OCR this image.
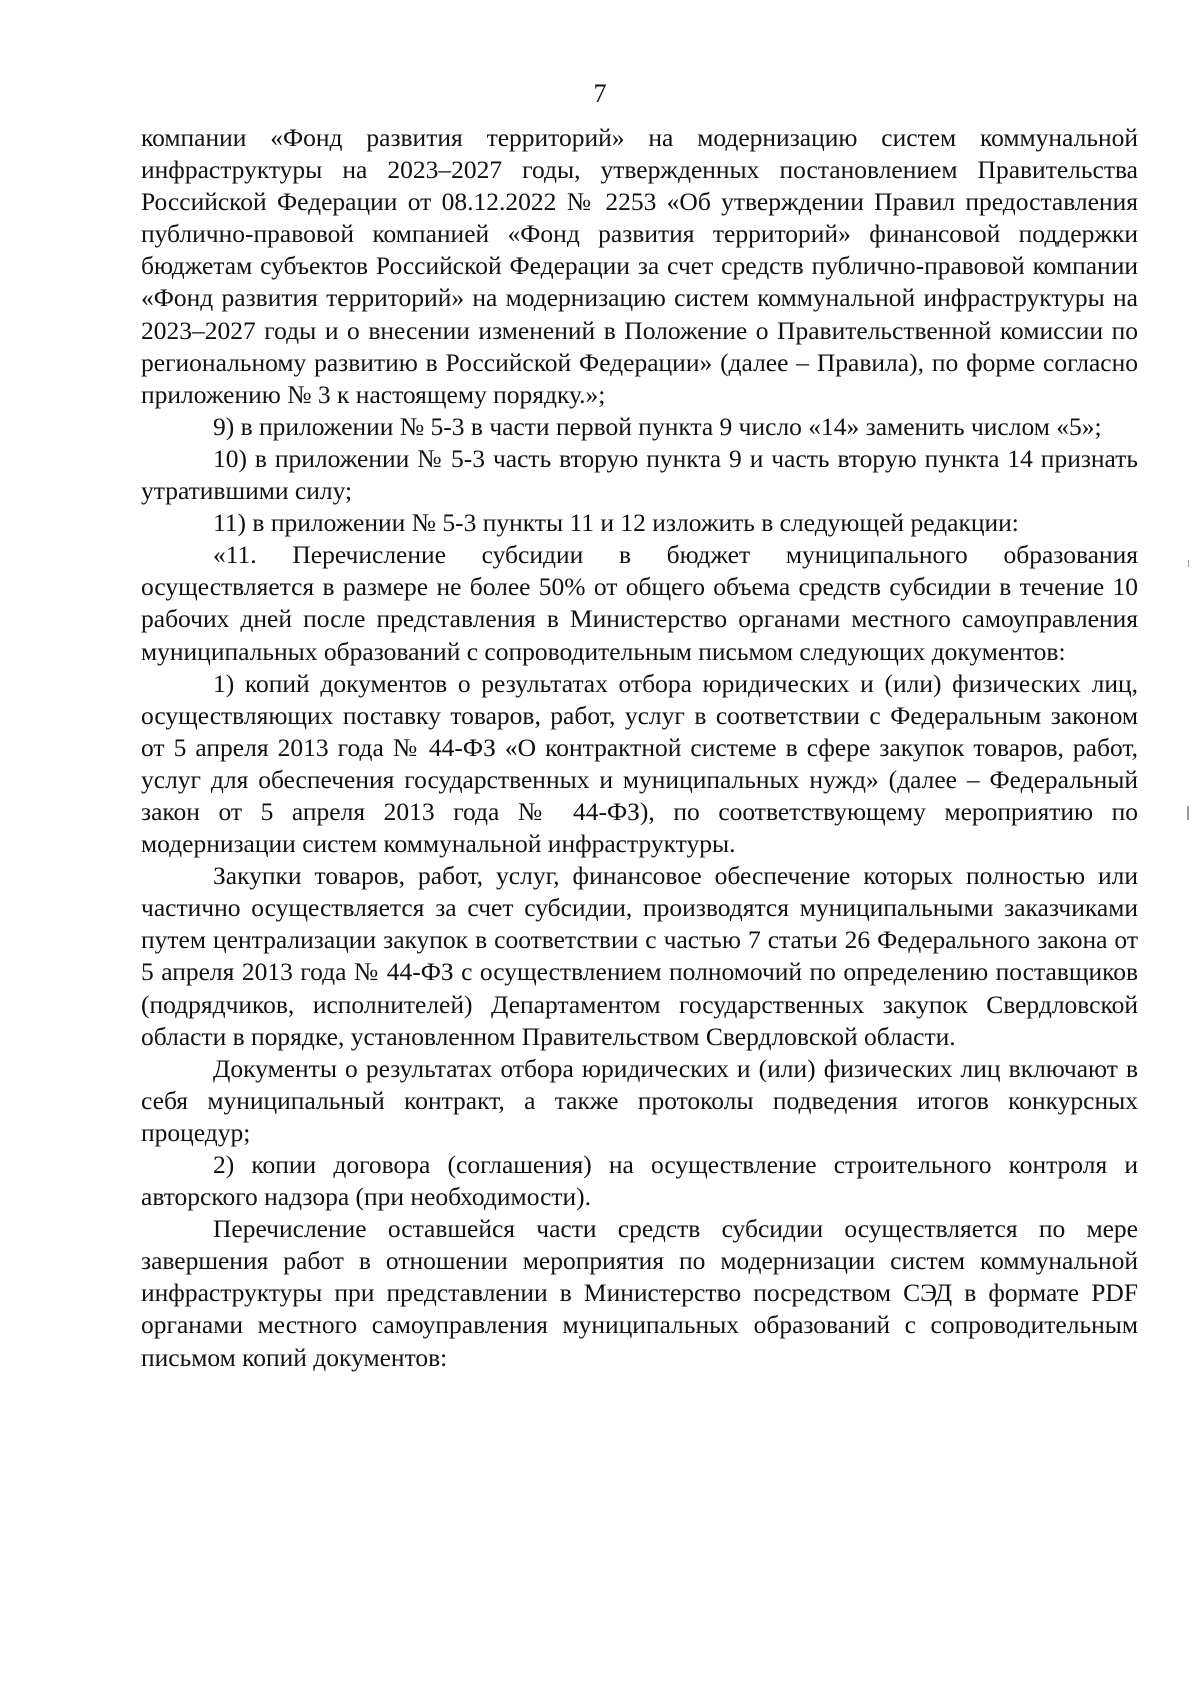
7

компании «Фонд развития территорий» на модернизацию систем коммунальной инфраструктуры на 2023–2027 годы, утвержденных постановлением Правительства Российской Федерации от 08.12.2022 № 2253 «Об утверждении Правил предоставления публично-правовой компанией «Фонд развития территорий» финансовой поддержки бюджетам субъектов Российской Федерации за счет средств публично-правовой компании «Фонд развития территорий» на модернизацию систем коммунальной инфраструктуры на 2023–2027 годы и о внесении изменений в Положение о Правительственной комиссии по региональному развитию в Российской Федерации» (далее – Правила), по форме согласно приложению № 3 к настоящему порядку.»;

9) в приложении № 5-3 в части первой пункта 9 число «14» заменить числом «5»;

10) в приложении № 5-3 часть вторую пункта 9 и часть вторую пункта 14 признать утратившими силу;

11) в приложении № 5-3 пункты 11 и 12 изложить в следующей редакции:

«11. Перечисление субсидии в бюджет муниципального образования осуществляется в размере не более 50% от общего объема средств субсидии в течение 10 рабочих дней после представления в Министерство органами местного самоуправления муниципальных образований с сопроводительным письмом следующих документов:

1) копий документов о результатах отбора юридических и (или) физических лиц, осуществляющих поставку товаров, работ, услуг в соответствии с Федеральным законом от 5 апреля 2013 года № 44-ФЗ «О контрактной системе в сфере закупок товаров, работ, услуг для обеспечения государственных и муниципальных нужд» (далее – Федеральный закон от 5 апреля 2013 года № 44-ФЗ), по соответствующему мероприятию по модернизации систем коммунальной инфраструктуры.

Закупки товаров, работ, услуг, финансовое обеспечение которых полностью или частично осуществляется за счет субсидии, производятся муниципальными заказчиками путем централизации закупок в соответствии с частью 7 статьи 26 Федерального закона от 5 апреля 2013 года № 44-ФЗ с осуществлением полномочий по определению поставщиков (подрядчиков, исполнителей) Департаментом государственных закупок Свердловской области в порядке, установленном Правительством Свердловской области.

Документы о результатах отбора юридических и (или) физических лиц включают в себя муниципальный контракт, а также протоколы подведения итогов конкурсных процедур;

2) копии договора (соглашения) на осуществление строительного контроля и авторского надзора (при необходимости).

Перечисление оставшейся части средств субсидии осуществляется по мере завершения работ в отношении мероприятия по модернизации систем коммунальной инфраструктуры при представлении в Министерство посредством СЭД в формате PDF органами местного самоуправления муниципальных образований с сопроводительным письмом копий документов:
